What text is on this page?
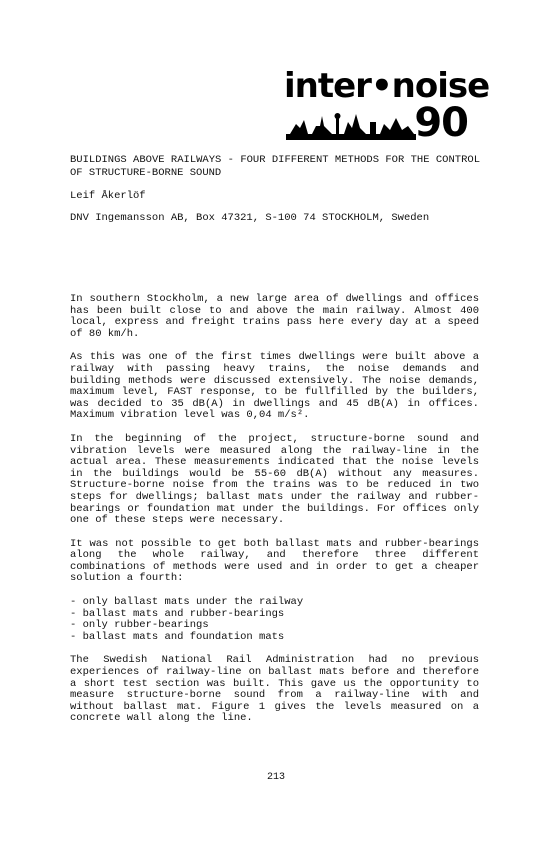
inter•noise
90
BUILDINGS ABOVE RAILWAYS - FOUR DIFFERENT METHODS FOR THE CONTROL OF STRUCTURE-BORNE SOUND
Leif Åkerlöf
DNV Ingemansson AB, Box 47321, S-100 74 STOCKHOLM, Sweden

In southern Stockholm, a new large area of dwellings and offices has been built close to and above the main railway. Almost 400 local, express and freight trains pass here every day at a speed of 80 km/h.

As this was one of the first times dwellings were built above a railway with passing heavy trains, the noise demands and building methods were discussed extensively. The noise demands, maximum level, FAST response, to be fullfilled by the builders, was decided to 35 dB(A) in dwellings and 45 dB(A) in offices. Maximum vibration level was 0,04 m/s².

In the beginning of the project, structure-borne sound and vibration levels were measured along the railway-line in the actual area. These measurements indicated that the noise levels in the buildings would be 55-60 dB(A) without any measures. Structure-borne noise from the trains was to be reduced in two steps for dwellings; ballast mats under the railway and rubber-bearings or foundation mat under the buildings. For offices only one of these steps were necessary.

It was not possible to get both ballast mats and rubber-bearings along the whole railway, and therefore three different combinations of methods were used and in order to get a cheaper solution a fourth:

- only ballast mats under the railway
- ballast mats and rubber-bearings
- only rubber-bearings
- ballast mats and foundation mats

The Swedish National Rail Administration had no previous experiences of railway-line on ballast mats before and therefore a short test section was built. This gave us the opportunity to measure structure-borne sound from a railway-line with and without ballast mat. Figure 1 gives the levels measured on a concrete wall along the line.

213
